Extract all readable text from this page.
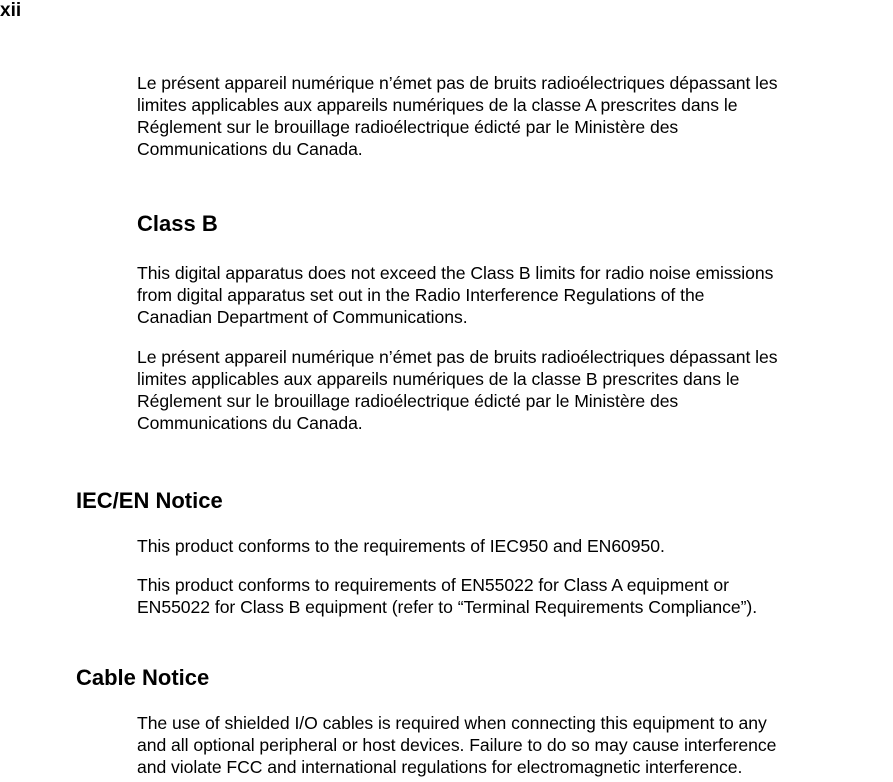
xii
Le présent appareil numérique n’émet pas de bruits radioélectriques dépassant les
limites applicables aux appareils numériques de la classe A prescrites dans le
Réglement sur le brouillage radioélectrique édicté par le Ministère des
Communications du Canada.
Class B
This digital apparatus does not exceed the Class B limits for radio noise emissions
from digital apparatus set out in the Radio Interference Regulations of the
Canadian Department of Communications.
Le présent appareil numérique n’émet pas de bruits radioélectriques dépassant les
limites applicables aux appareils numériques de la classe B prescrites dans le
Réglement sur le brouillage radioélectrique édicté par le Ministère des
Communications du Canada.
IEC/EN Notice
This product conforms to the requirements of IEC950 and EN60950.
This product conforms to requirements of EN55022 for Class A equipment or
EN55022 for Class B equipment (refer to “Terminal Requirements Compliance”).
Cable Notice
The use of shielded I/O cables is required when connecting this equipment to any
and all optional peripheral or host devices. Failure to do so may cause interference
and violate FCC and international regulations for electromagnetic interference.
